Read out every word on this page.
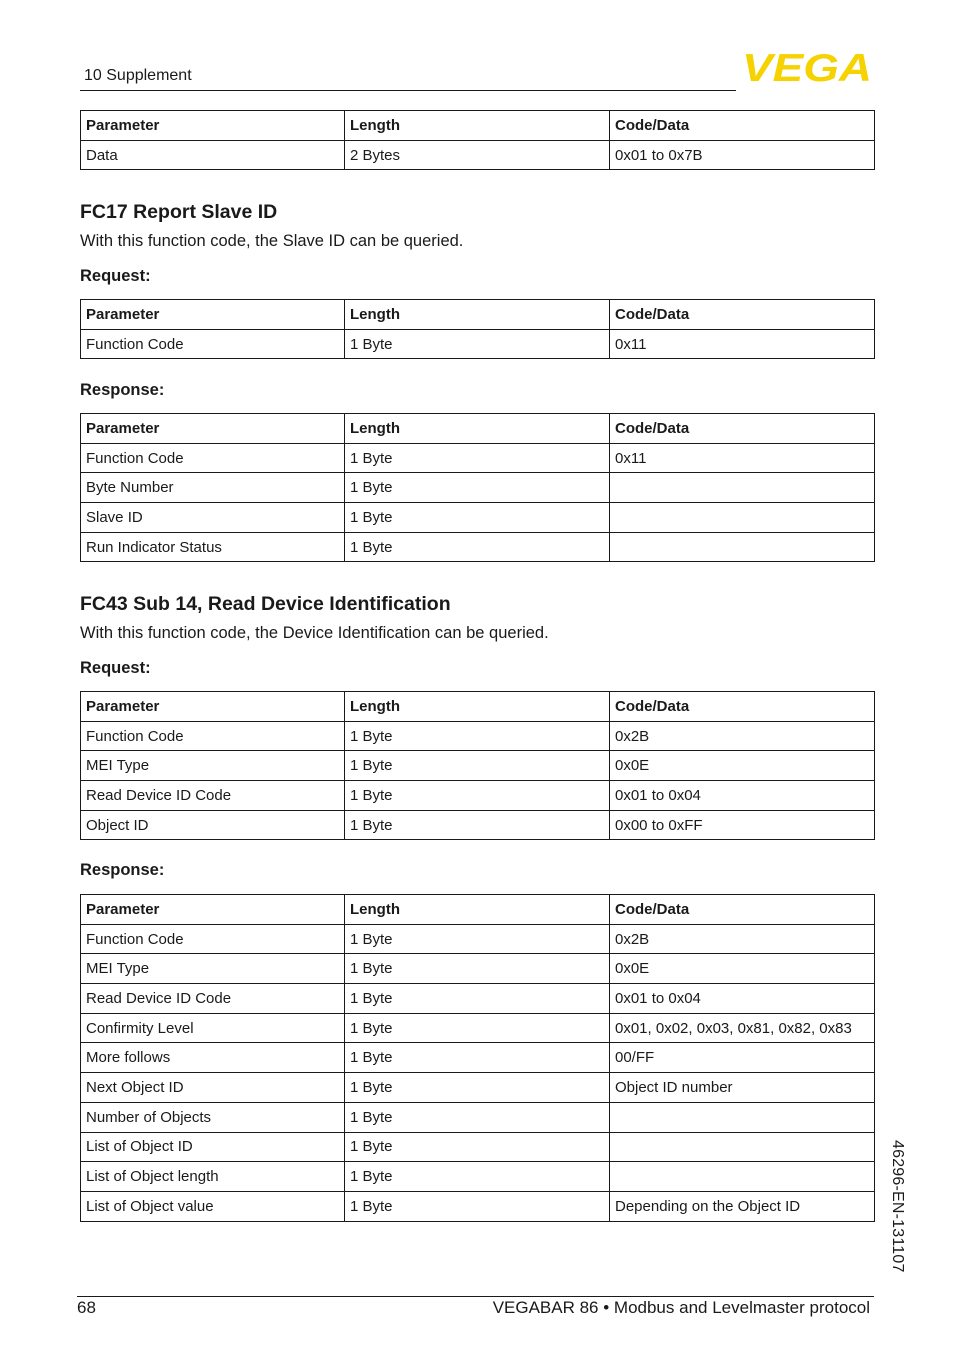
10 Supplement	VEGA
Parameter	Length	Code/Data
Data	2 Bytes	0x01 to 0x7B
FC17 Report Slave ID
With this function code, the Slave ID can be queried.
Request:
Parameter	Length	Code/Data
Function Code	1 Byte	0x11
Response:
Parameter	Length	Code/Data
Function Code	1 Byte	0x11
Byte Number	1 Byte	
Slave ID	1 Byte	
Run Indicator Status	1 Byte	
FC43 Sub 14, Read Device Identification
With this function code, the Device Identification can be queried.
Request:
Parameter	Length	Code/Data
Function Code	1 Byte	0x2B
MEI Type	1 Byte	0x0E
Read Device ID Code	1 Byte	0x01 to 0x04
Object ID	1 Byte	0x00 to 0xFF
Response:
Parameter	Length	Code/Data
Function Code	1 Byte	0x2B
MEI Type	1 Byte	0x0E
Read Device ID Code	1 Byte	0x01 to 0x04
Confirmity Level	1 Byte	0x01, 0x02, 0x03, 0x81, 0x82, 0x83
More follows	1 Byte	00/FF
Next Object ID	1 Byte	Object ID number
Number of Objects	1 Byte	
List of Object ID	1 Byte	
List of Object length	1 Byte	
List of Object value	1 Byte	Depending on the Object ID	46296-EN-131107
68	VEGABAR 86 • Modbus and Levelmaster protocol
